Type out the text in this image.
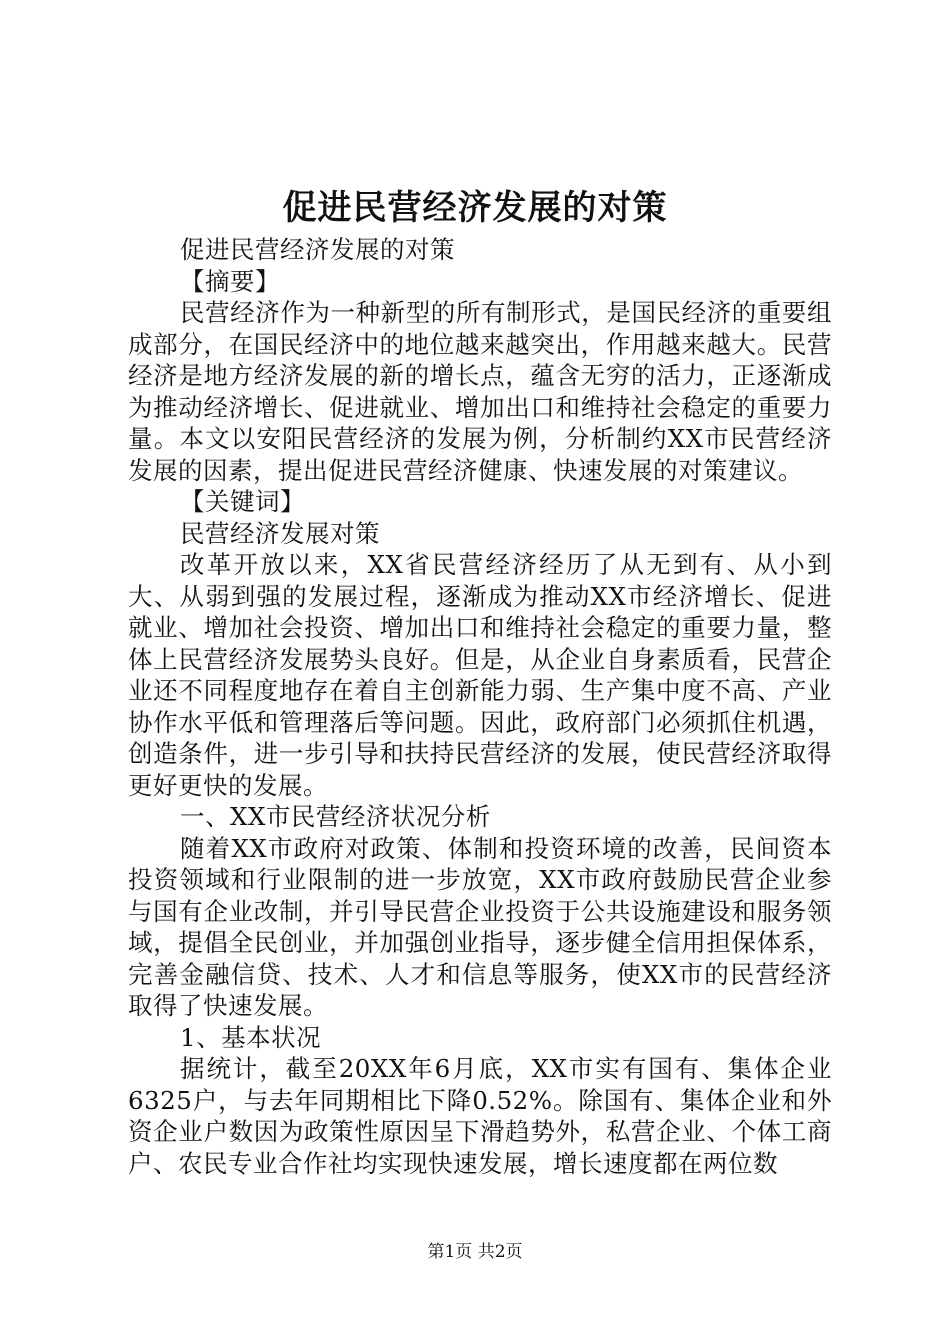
促进民营经济发展的对策

促进民营经济发展的对策

【摘要】

民营经济作为一种新型的所有制形式，是国民经济的重要组成部分，在国民经济中的地位越来越突出，作用越来越大。民营经济是地方经济发展的新的增长点，蕴含无穷的活力，正逐渐成为推动经济增长、促进就业、增加出口和维持社会稳定的重要力量。本文以安阳民营经济的发展为例，分析制约XX市民营经济发展的因素，提出促进民营经济健康、快速发展的对策建议。

【关键词】

民营经济发展对策

改革开放以来，XX省民营经济经历了从无到有、从小到大、从弱到强的发展过程，逐渐成为推动XX市经济增长、促进就业、增加社会投资、增加出口和维持社会稳定的重要力量，整体上民营经济发展势头良好。但是，从企业自身素质看，民营企业还不同程度地存在着自主创新能力弱、生产集中度不高、产业协作水平低和管理落后等问题。因此，政府部门必须抓住机遇，创造条件，进一步引导和扶持民营经济的发展，使民营经济取得更好更快的发展。

一、XX市民营经济状况分析

随着XX市政府对政策、体制和投资环境的改善，民间资本投资领域和行业限制的进一步放宽，XX市政府鼓励民营企业参与国有企业改制，并引导民营企业投资于公共设施建设和服务领域，提倡全民创业，并加强创业指导，逐步健全信用担保体系，完善金融信贷、技术、人才和信息等服务，使XX市的民营经济取得了快速发展。

1、基本状况

据统计，截至20XX年6月底，XX市实有国有、集体企业6325户，与去年同期相比下降0.52%。除国有、集体企业和外资企业户数因为政策性原因呈下滑趋势外，私营企业、个体工商户、农民专业合作社均实现快速发展，增长速度都在两位数

第1页 共2页
